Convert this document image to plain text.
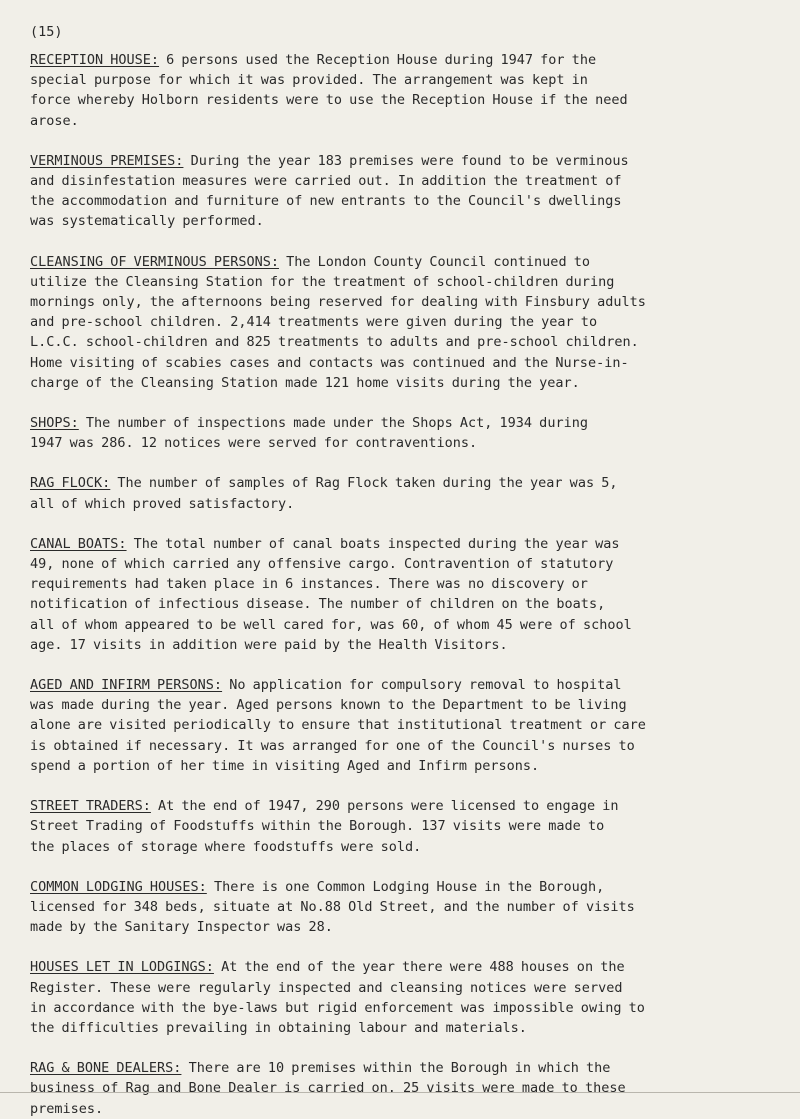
(15)

RECEPTION HOUSE: 6 persons used the Reception House during 1947 for the
special purpose for which it was provided. The arrangement was kept in
force whereby Holborn residents were to use the Reception House if the need
arose.

VERMINOUS PREMISES: During the year 183 premises were found to be verminous
and disinfestation measures were carried out. In addition the treatment of
the accommodation and furniture of new entrants to the Council's dwellings
was systematically performed.

CLEANSING OF VERMINOUS PERSONS: The London County Council continued to
utilize the Cleansing Station for the treatment of school-children during
mornings only, the afternoons being reserved for dealing with Finsbury adults
and pre-school children. 2,414 treatments were given during the year to
L.C.C. school-children and 825 treatments to adults and pre-school children.
Home visiting of scabies cases and contacts was continued and the Nurse-in-
charge of the Cleansing Station made 121 home visits during the year.

SHOPS: The number of inspections made under the Shops Act, 1934 during
1947 was 286. 12 notices were served for contraventions.

RAG FLOCK: The number of samples of Rag Flock taken during the year was 5,
all of which proved satisfactory.

CANAL BOATS: The total number of canal boats inspected during the year was
49, none of which carried any offensive cargo. Contravention of statutory
requirements had taken place in 6 instances. There was no discovery or
notification of infectious disease. The number of children on the boats,
all of whom appeared to be well cared for, was 60, of whom 45 were of school
age. 17 visits in addition were paid by the Health Visitors.

AGED AND INFIRM PERSONS: No application for compulsory removal to hospital
was made during the year. Aged persons known to the Department to be living
alone are visited periodically to ensure that institutional treatment or care
is obtained if necessary. It was arranged for one of the Council's nurses to
spend a portion of her time in visiting Aged and Infirm persons.

STREET TRADERS: At the end of 1947, 290 persons were licensed to engage in
Street Trading of Foodstuffs within the Borough. 137 visits were made to
the places of storage where foodstuffs were sold.

COMMON LODGING HOUSES: There is one Common Lodging House in the Borough,
licensed for 348 beds, situate at No.88 Old Street, and the number of visits
made by the Sanitary Inspector was 28.

HOUSES LET IN LODGINGS: At the end of the year there were 488 houses on the
Register. These were regularly inspected and cleansing notices were served
in accordance with the bye-laws but rigid enforcement was impossible owing to
the difficulties prevailing in obtaining labour and materials.

RAG & BONE DEALERS: There are 10 premises within the Borough in which the
business of Rag and Bone Dealer is carried on. 25 visits were made to these
premises.
